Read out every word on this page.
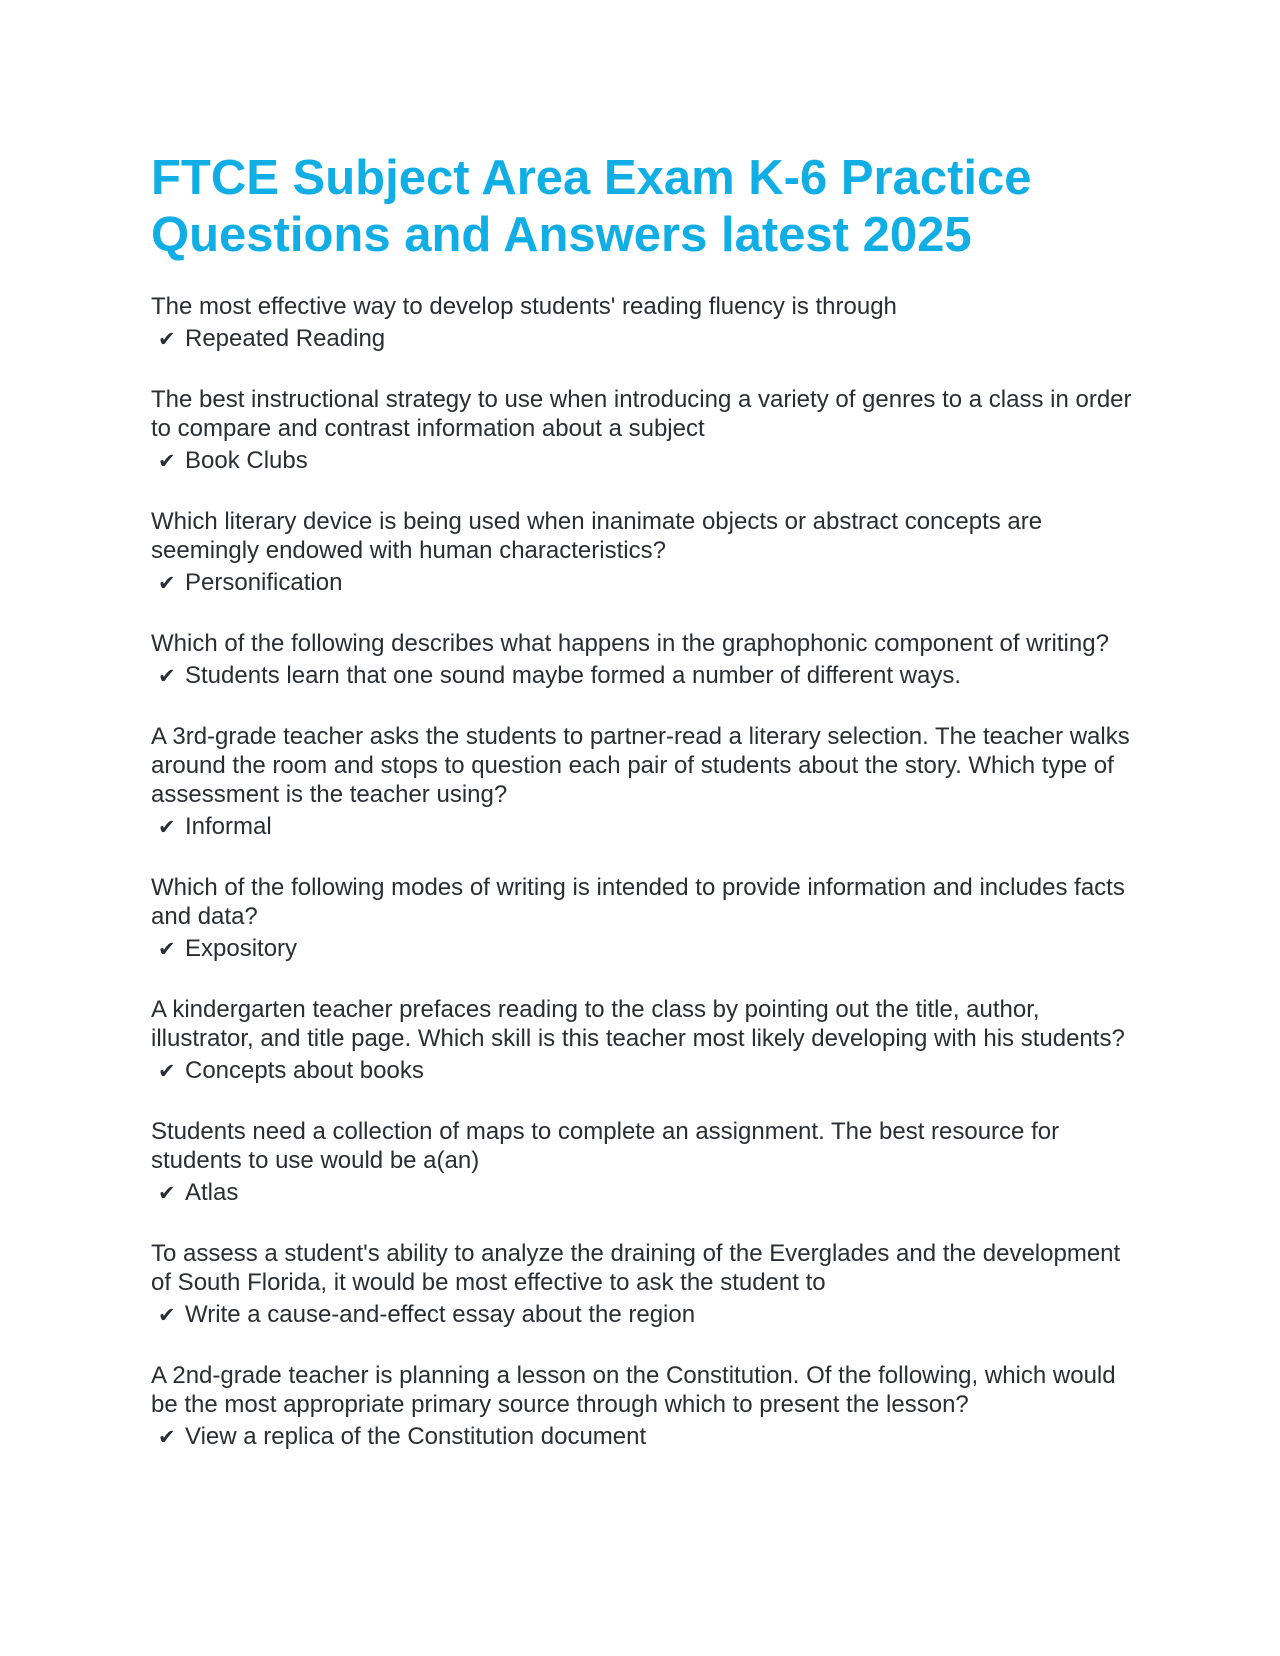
FTCE Subject Area Exam K-6 Practice Questions and Answers latest 2025

The most effective way to develop students' reading fluency is through

✔ Repeated Reading

The best instructional strategy to use when introducing a variety of genres to a class in order to compare and contrast information about a subject

✔ Book Clubs

Which literary device is being used when inanimate objects or abstract concepts are seemingly endowed with human characteristics?

✔ Personification

Which of the following describes what happens in the graphophonic component of writing?

✔ Students learn that one sound maybe formed a number of different ways.

A 3rd-grade teacher asks the students to partner-read a literary selection. The teacher walks around the room and stops to question each pair of students about the story. Which type of assessment is the teacher using?

✔ Informal

Which of the following modes of writing is intended to provide information and includes facts and data?

✔ Expository

A kindergarten teacher prefaces reading to the class by pointing out the title, author, illustrator, and title page. Which skill is this teacher most likely developing with his students?

✔ Concepts about books

Students need a collection of maps to complete an assignment. The best resource for students to use would be a(an)

✔ Atlas

To assess a student's ability to analyze the draining of the Everglades and the development of South Florida, it would be most effective to ask the student to

✔ Write a cause-and-effect essay about the region

A 2nd-grade teacher is planning a lesson on the Constitution. Of the following, which would be the most appropriate primary source through which to present the lesson?

✔ View a replica of the Constitution document
